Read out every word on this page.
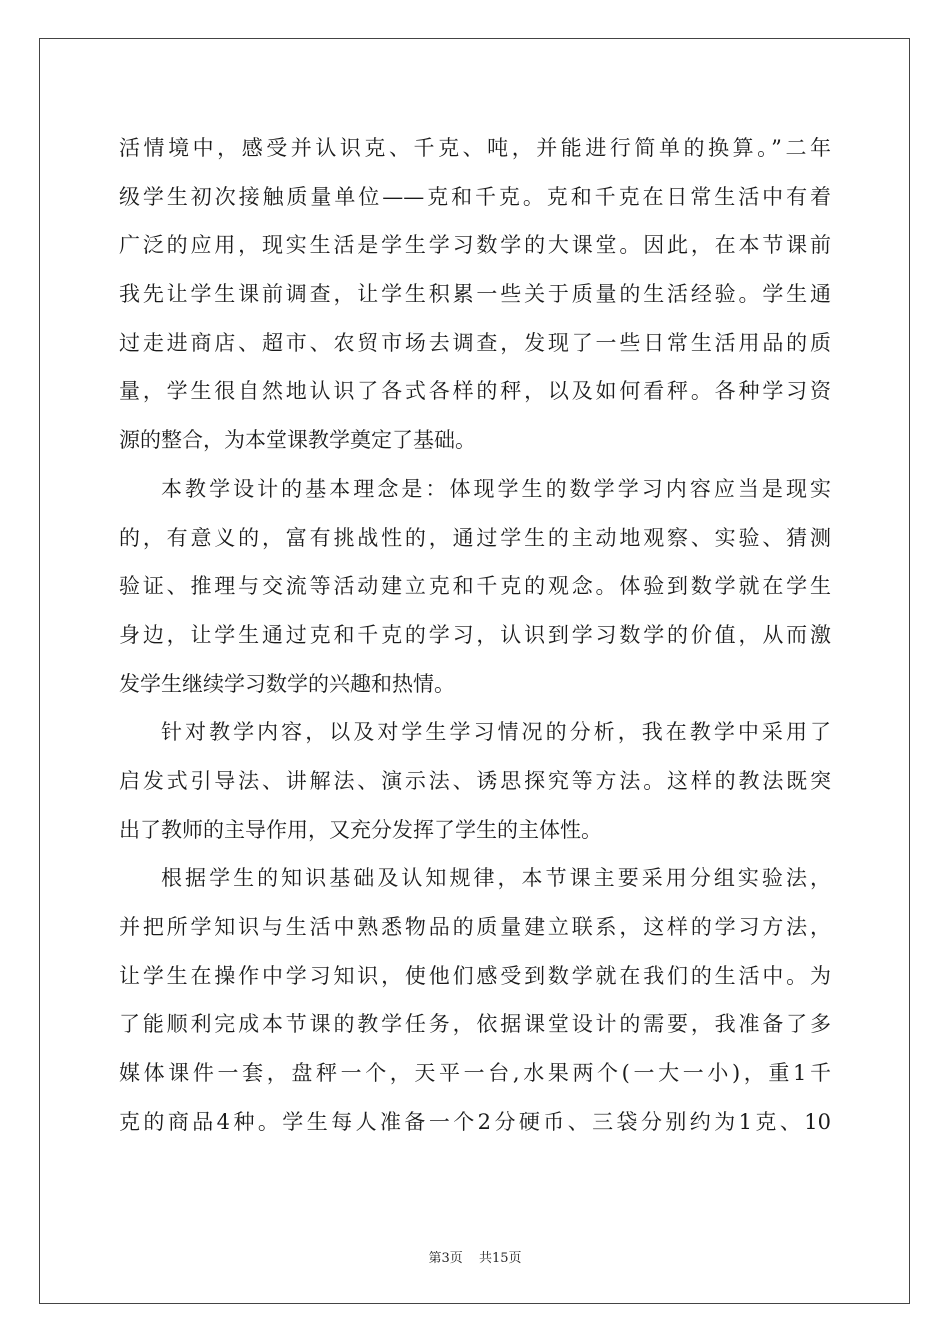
活情境中，感受并认识克、千克、吨，并能进行简单的换算。”二年
级学生初次接触质量单位——克和千克。克和千克在日常生活中有着
广泛的应用，现实生活是学生学习数学的大课堂。因此，在本节课前
我先让学生课前调查，让学生积累一些关于质量的生活经验。学生通
过走进商店、超市、农贸市场去调查，发现了一些日常生活用品的质
量，学生很自然地认识了各式各样的秤，以及如何看秤。各种学习资
源的整合，为本堂课教学奠定了基础。
本教学设计的基本理念是：体现学生的数学学习内容应当是现实
的，有意义的，富有挑战性的，通过学生的主动地观察、实验、猜测
验证、推理与交流等活动建立克和千克的观念。体验到数学就在学生
身边，让学生通过克和千克的学习，认识到学习数学的价值，从而激
发学生继续学习数学的兴趣和热情。
针对教学内容，以及对学生学习情况的分析，我在教学中采用了
启发式引导法、讲解法、演示法、诱思探究等方法。这样的教法既突
出了教师的主导作用，又充分发挥了学生的主体性。
根据学生的知识基础及认知规律，本节课主要采用分组实验法，
并把所学知识与生活中熟悉物品的质量建立联系，这样的学习方法，
让学生在操作中学习知识，使他们感受到数学就在我们的生活中。为
了能顺利完成本节课的教学任务，依据课堂设计的需要，我准备了多
媒体课件一套，盘秤一个，天平一台,水果两个(一大一小)，重1千
克的商品4种。学生每人准备一个2分硬币、三袋分别约为1克、10
第3页 共15页
